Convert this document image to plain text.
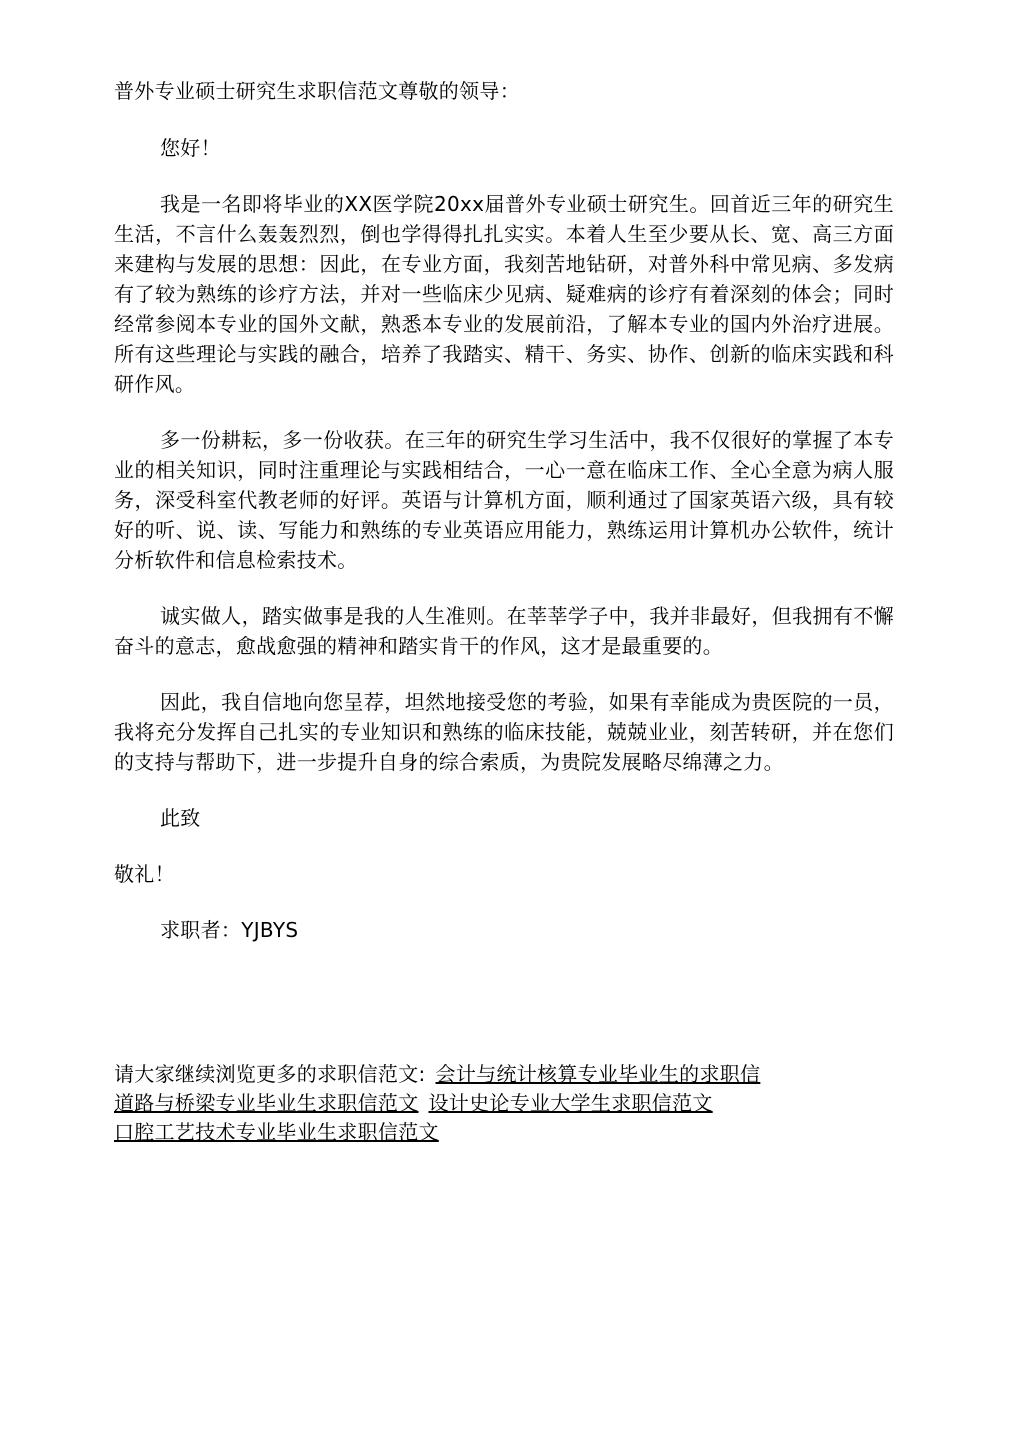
普外专业硕士研究生求职信范文尊敬的领导：

您好！

我是一名即将毕业的XX医学院20xx届普外专业硕士研究生。回首近三年的研究生生活，不言什么轰轰烈烈，倒也学得得扎扎实实。本着人生至少要从长、宽、高三方面来建构与发展的思想：因此，在专业方面，我刻苦地钻研，对普外科中常见病、多发病有了较为熟练的诊疗方法，并对一些临床少见病、疑难病的诊疗有着深刻的体会；同时经常参阅本专业的国外文献，熟悉本专业的发展前沿，了解本专业的国内外治疗进展。所有这些理论与实践的融合，培养了我踏实、精干、务实、协作、创新的临床实践和科研作风。

多一份耕耘，多一份收获。在三年的研究生学习生活中，我不仅很好的掌握了本专业的相关知识，同时注重理论与实践相结合，一心一意在临床工作、全心全意为病人服务，深受科室代教老师的好评。英语与计算机方面，顺利通过了国家英语六级，具有较好的听、说、读、写能力和熟练的专业英语应用能力，熟练运用计算机办公软件，统计分析软件和信息检索技术。

诚实做人，踏实做事是我的人生准则。在莘莘学子中，我并非最好，但我拥有不懈奋斗的意志，愈战愈强的精神和踏实肯干的作风，这才是最重要的。

因此，我自信地向您呈荐，坦然地接受您的考验，如果有幸能成为贵医院的一员，我将充分发挥自己扎实的专业知识和熟练的临床技能，兢兢业业，刻苦转研，并在您们的支持与帮助下，进一步提升自身的综合索质，为贵院发展略尽绵薄之力。

此致

敬礼！

求职者：YJBYS

请大家继续浏览更多的求职信范文: 会计与统计核算专业毕业生的求职信
道路与桥梁专业毕业生求职信范文 设计史论专业大学生求职信范文
口腔工艺技术专业毕业生求职信范文
